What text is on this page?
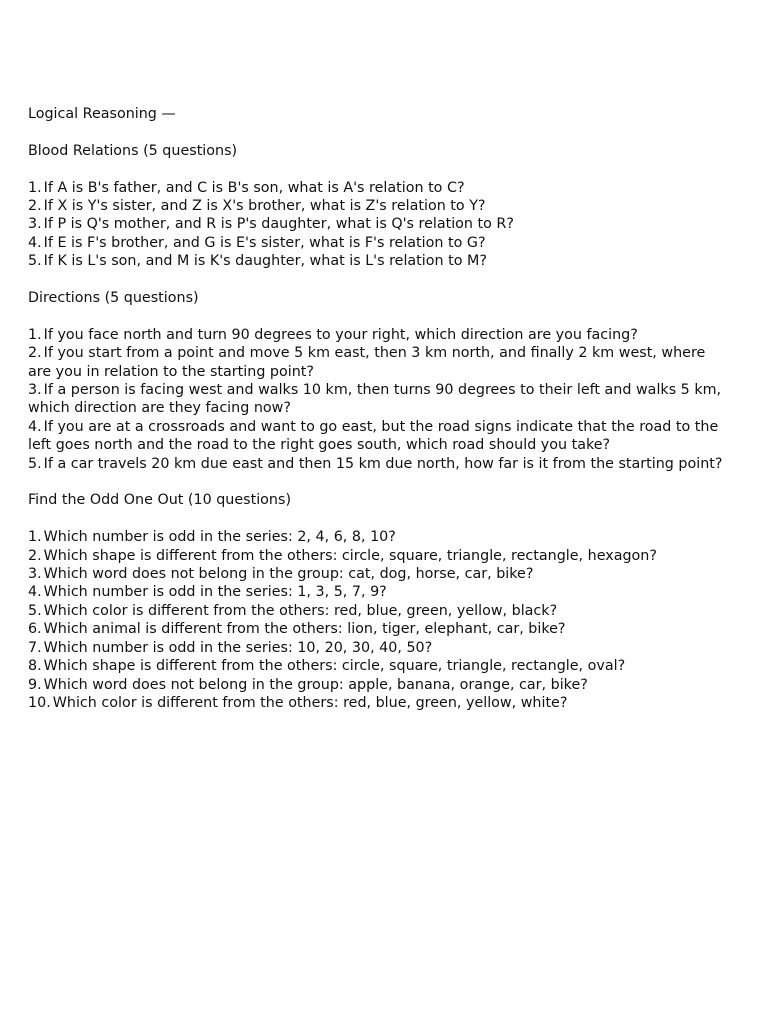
Logical Reasoning —

Blood Relations (5 questions)

1. If A is B's father, and C is B's son, what is A's relation to C?

2. If X is Y's sister, and Z is X's brother, what is Z's relation to Y?

3. If P is Q's mother, and R is P's daughter, what is Q's relation to R?

4. If E is F's brother, and G is E's sister, what is F's relation to G?

5. If K is L's son, and M is K's daughter, what is L's relation to M?

Directions (5 questions)

1. If you face north and turn 90 degrees to your right, which direction are you facing?

2. If you start from a point and move 5 km east, then 3 km north, and finally 2 km west, where are you in relation to the starting point?

3. If a person is facing west and walks 10 km, then turns 90 degrees to their left and walks 5 km, which direction are they facing now?

4. If you are at a crossroads and want to go east, but the road signs indicate that the road to the left goes north and the road to the right goes south, which road should you take?

5. If a car travels 20 km due east and then 15 km due north, how far is it from the starting point?

Find the Odd One Out (10 questions)

1. Which number is odd in the series: 2, 4, 6, 8, 10?

2. Which shape is different from the others: circle, square, triangle, rectangle, hexagon?

3. Which word does not belong in the group: cat, dog, horse, car, bike?

4. Which number is odd in the series: 1, 3, 5, 7, 9?

5. Which color is different from the others: red, blue, green, yellow, black?

6. Which animal is different from the others: lion, tiger, elephant, car, bike?

7. Which number is odd in the series: 10, 20, 30, 40, 50?

8. Which shape is different from the others: circle, square, triangle, rectangle, oval?

9. Which word does not belong in the group: apple, banana, orange, car, bike?

10. Which color is different from the others: red, blue, green, yellow, white?
